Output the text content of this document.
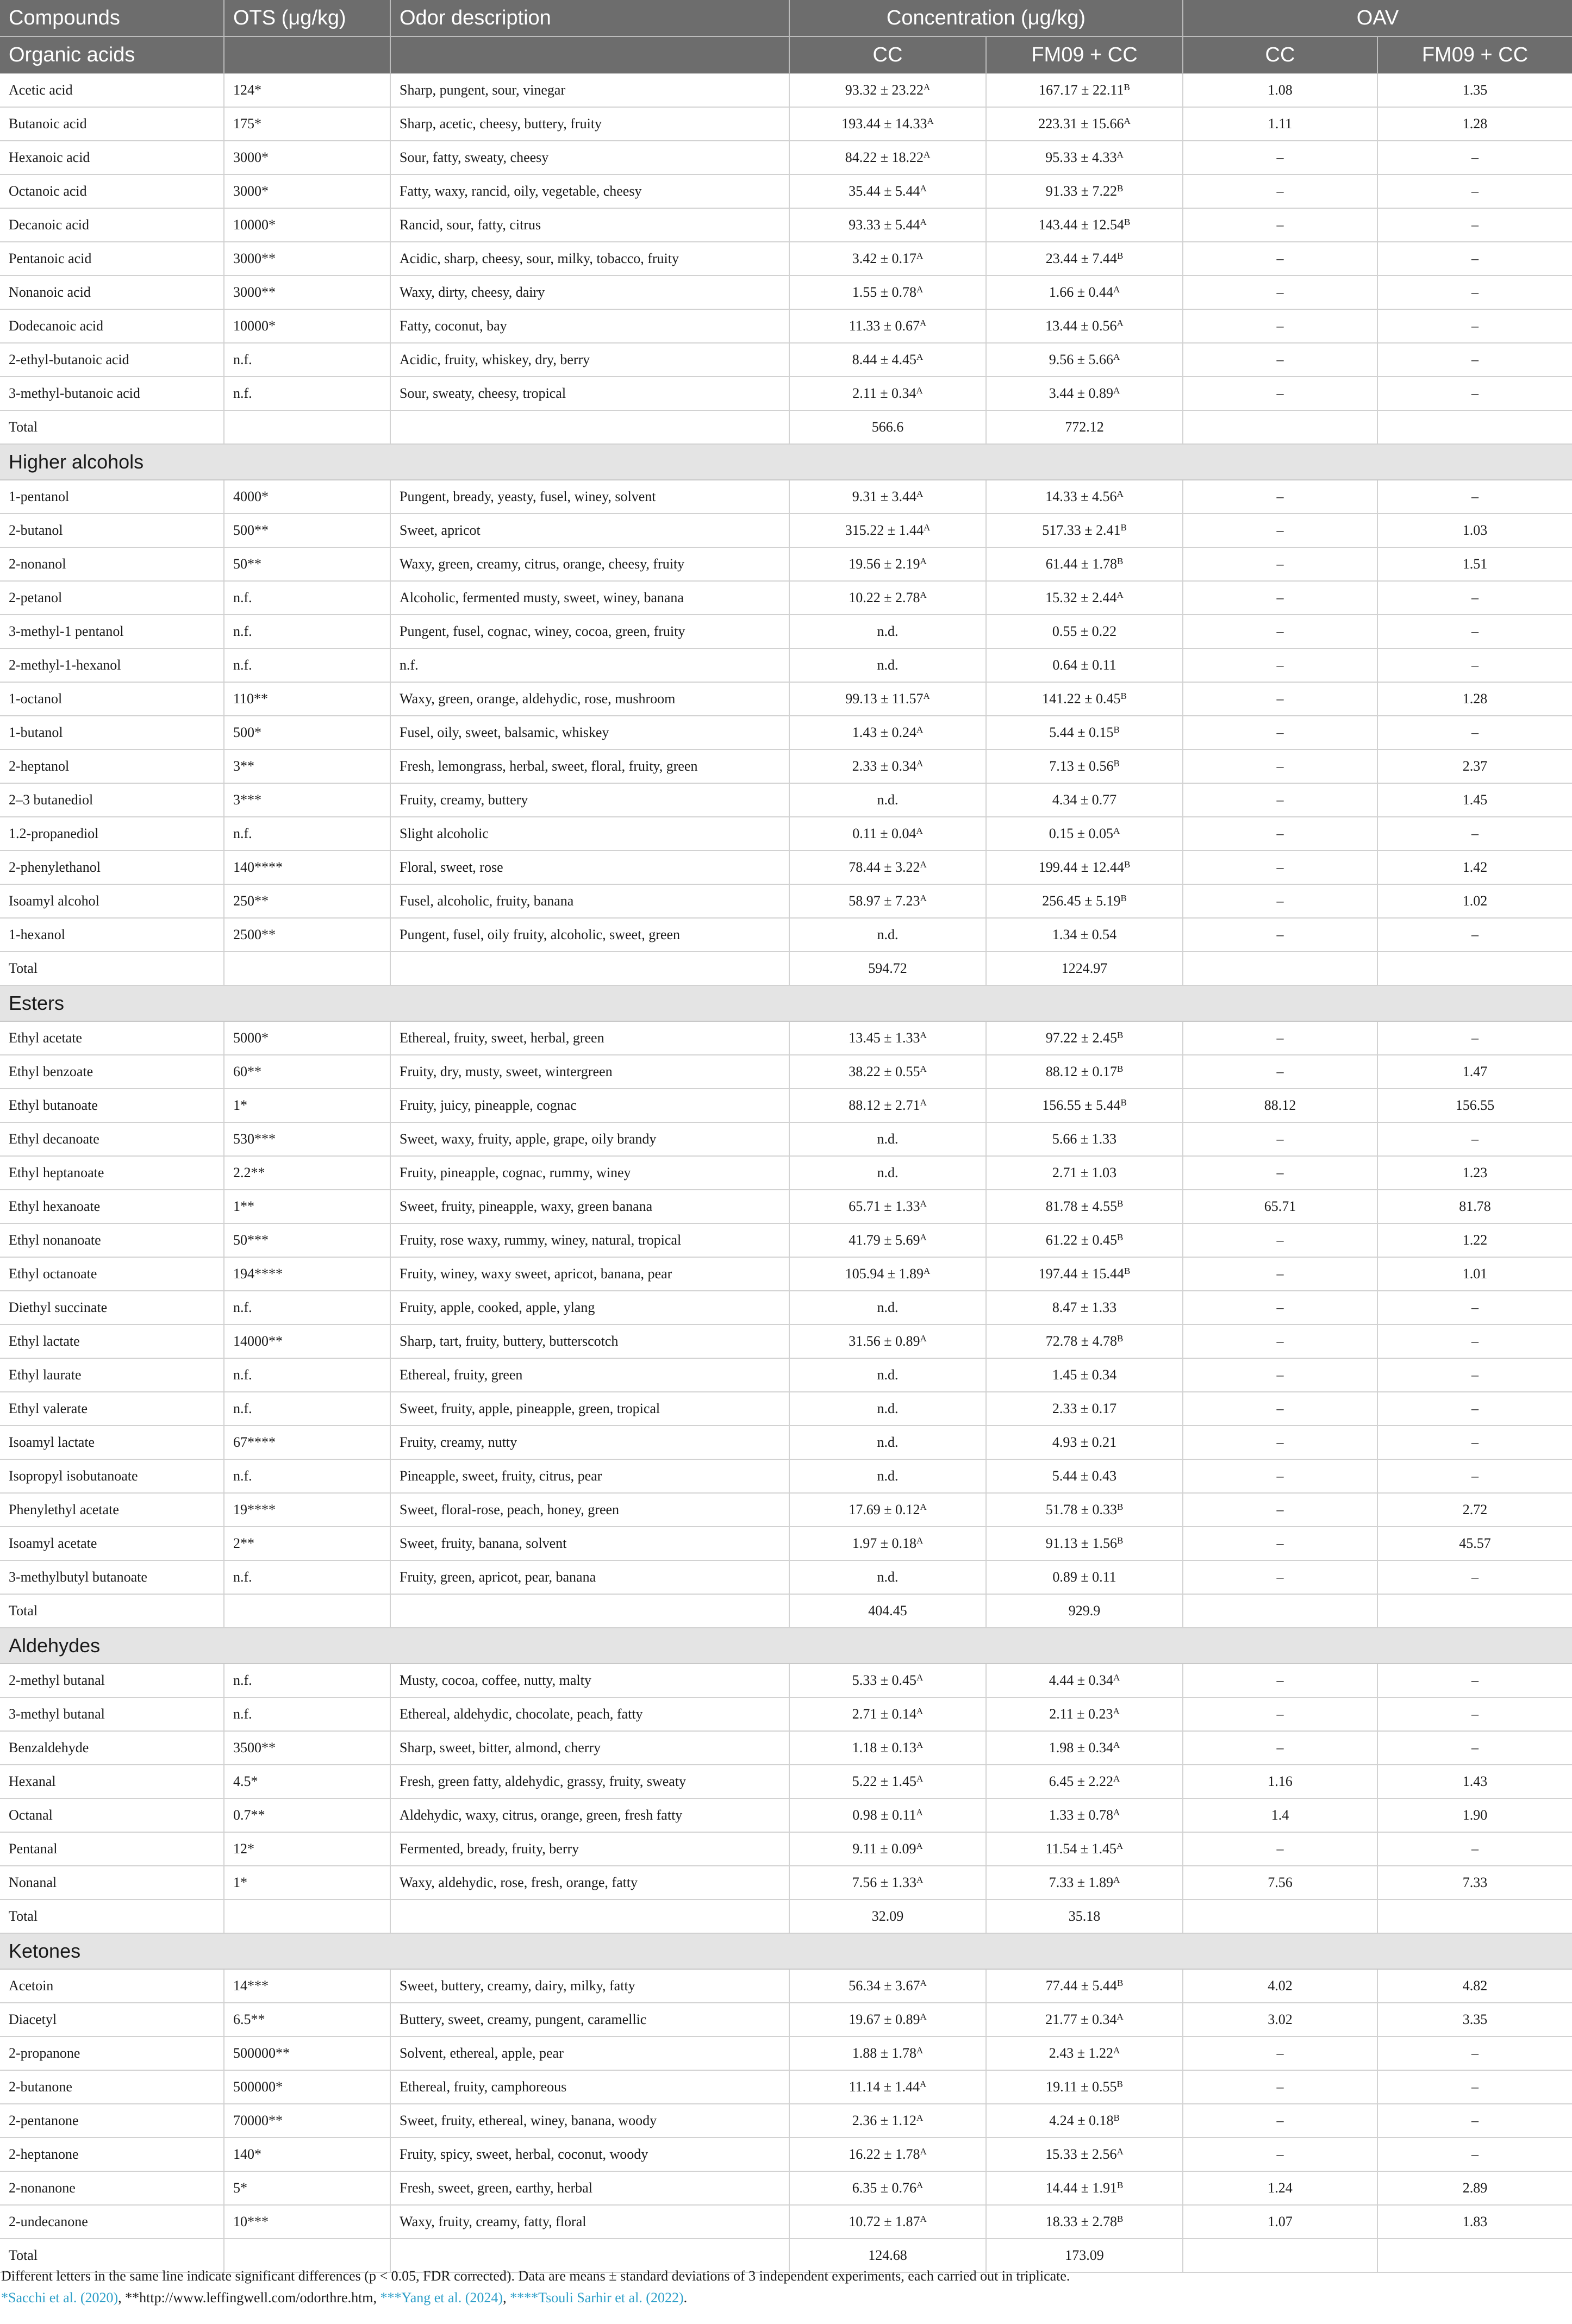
Compounds	OTS (μg/kg)	Odor description	Concentration (μg/kg)		OAV	
Organic acids			CC	FM09 + CC	CC	FM09 + CC
Acetic acid	124*	Sharp, pungent, sour, vinegar	$93.32 \pm 23.22^A$	$167.17 \pm 22.11^B$	1.08	1.35
Butanoic acid	175*	Sharp, acetic, cheesy, buttery, fruity	$193.44 \pm 14.33^A$	$223.31 \pm 15.66^A$	1.11	1.28
Hexanoic acid	3000*	Sour, fatty, sweaty, cheesy	$84.22 \pm 18.22^A$	$95.33 \pm 4.33^A$	–	–
Octanoic acid	3000*	Fatty, waxy, rancid, oily, vegetable, cheesy	$35.44 \pm 5.44^A$	$91.33 \pm 7.22^B$	–	–
Decanoic acid	10000*	Rancid, sour, fatty, citrus	$93.33 \pm 5.44^A$	$143.44 \pm 12.54^B$	–	–
Pentanoic acid	3000**	Acidic, sharp, cheesy, sour, milky, tobacco, fruity	$3.42 \pm 0.17^A$	$23.44 \pm 7.44^B$	–	–
Nonanoic acid	3000**	Waxy, dirty, cheesy, dairy	$1.55 \pm 0.78^A$	$1.66 \pm 0.44^A$	–	–
Dodecanoic acid	10000*	Fatty, coconut, bay	$11.33 \pm 0.67^A$	$13.44 \pm 0.56^A$	–	–
2-ethyl-butanoic acid	n.f.	Acidic, fruity, whiskey, dry, berry	$8.44 \pm 4.45^A$	$9.56 \pm 5.66^A$	–	–
3-methyl-butanoic acid	n.f.	Sour, sweaty, cheesy, tropical	$2.11 \pm 0.34^A$	$3.44 \pm 0.89^A$	–	–
Total			566.6	772.12		
Higher alcohols						
1-pentanol	4000*	Pungent, bready, yeasty, fusel, winey, solvent	$9.31 \pm 3.44^A$	$14.33 \pm 4.56^A$	–	–
2-butanol	500**	Sweet, apricot	$315.22 \pm 1.44^A$	$517.33 \pm 2.41^B$	–	1.03
2-nonanol	50**	Waxy, green, creamy, citrus, orange, cheesy, fruity	$19.56 \pm 2.19^A$	$61.44 \pm 1.78^B$	–	1.51
2-petanol	n.f.	Alcoholic, fermented musty, sweet, winey, banana	$10.22 \pm 2.78^A$	$15.32 \pm 2.44^A$	–	–
3-methyl-1 pentanol	n.f.	Pungent, fusel, cognac, winey, cocoa, green, fruity	n.d.	0.55 ± 0.22	–	–
2-methyl-1-hexanol	n.f.	n.f.	n.d.	0.64 ± 0.11	–	–
1-octanol	110**	Waxy, green, orange, aldehydic, rose, mushroom	$99.13 \pm 11.57^A$	$141.22 \pm 0.45^B$	–	1.28
1-butanol	500*	Fusel, oily, sweet, balsamic, whiskey	$1.43 \pm 0.24^A$	$5.44 \pm 0.15^B$	–	–
2-heptanol	3**	Fresh, lemongrass, herbal, sweet, floral, fruity, green	$2.33 \pm 0.34^A$	$7.13 \pm 0.56^B$	–	2.37
2–3 butanediol	3***	Fruity, creamy, buttery	n.d.	4.34 ± 0.77	–	1.45
1.2-propanediol	n.f.	Slight alcoholic	$0.11 \pm 0.04^A$	$0.15 \pm 0.05^A$	–	–
2-phenylethanol	140****	Floral, sweet, rose	$78.44 \pm 3.22^A$	$199.44 \pm 12.44^B$	–	1.42
Isoamyl alcohol	250**	Fusel, alcoholic, fruity, banana	$58.97 \pm 7.23^A$	$256.45 \pm 5.19^B$	–	1.02
1-hexanol	2500**	Pungent, fusel, oily fruity, alcoholic, sweet, green	n.d.	1.34 ± 0.54	–	–
Total			594.72	1224.97		
Esters						
Ethyl acetate	5000*	Ethereal, fruity, sweet, herbal, green	$13.45 \pm 1.33^A$	$97.22 \pm 2.45^B$	–	–
Ethyl benzoate	60**	Fruity, dry, musty, sweet, wintergreen	$38.22 \pm 0.55^A$	$88.12 \pm 0.17^B$	–	1.47
Ethyl butanoate	1*	Fruity, juicy, pineapple, cognac	$88.12 \pm 2.71^A$	$156.55 \pm 5.44^B$	88.12	156.55
Ethyl decanoate	530***	Sweet, waxy, fruity, apple, grape, oily brandy	n.d.	5.66 ± 1.33	–	–
Ethyl heptanoate	2.2**	Fruity, pineapple, cognac, rummy, winey	n.d.	2.71 ± 1.03	–	1.23
Ethyl hexanoate	1**	Sweet, fruity, pineapple, waxy, green banana	$65.71 \pm 1.33^A$	$81.78 \pm 4.55^B$	65.71	81.78
Ethyl nonanoate	50***	Fruity, rose waxy, rummy, winey, natural, tropical	$41.79 \pm 5.69^A$	$61.22 \pm 0.45^B$	–	1.22
Ethyl octanoate	194****	Fruity, winey, waxy sweet, apricot, banana, pear	$105.94 \pm 1.89^A$	$197.44 \pm 15.44^B$	–	1.01
Diethyl succinate	n.f.	Fruity, apple, cooked, apple, ylang	n.d.	8.47 ± 1.33	–	–
Ethyl lactate	14000**	Sharp, tart, fruity, buttery, butterscotch	$31.56 \pm 0.89^A$	$72.78 \pm 4.78^B$	–	–
Ethyl laurate	n.f.	Ethereal, fruity, green	n.d.	1.45 ± 0.34	–	–
Ethyl valerate	n.f.	Sweet, fruity, apple, pineapple, green, tropical	n.d.	2.33 ± 0.17	–	–
Isoamyl lactate	67****	Fruity, creamy, nutty	n.d.	4.93 ± 0.21	–	–
Isopropyl isobutanoate	n.f.	Pineapple, sweet, fruity, citrus, pear	n.d.	5.44 ± 0.43	–	–
Phenylethyl acetate	19****	Sweet, floral-rose, peach, honey, green	$17.69 \pm 0.12^A$	$51.78 \pm 0.33^B$	–	2.72
Isoamyl acetate	2**	Sweet, fruity, banana, solvent	$1.97 \pm 0.18^A$	$91.13 \pm 1.56^B$	–	45.57
3-methylbutyl butanoate	n.f.	Fruity, green, apricot, pear, banana	n.d.	0.89 ± 0.11	–	–
Total			404.45	929.9		
Aldehydes						
2-methyl butanal	n.f.	Musty, cocoa, coffee, nutty, malty	$5.33 \pm 0.45^A$	$4.44 \pm 0.34^A$	–	–
3-methyl butanal	n.f.	Ethereal, aldehydic, chocolate, peach, fatty	$2.71 \pm 0.14^A$	$2.11 \pm 0.23^A$	–	–
Benzaldehyde	3500**	Sharp, sweet, bitter, almond, cherry	$1.18 \pm 0.13^A$	$1.98 \pm 0.34^A$	–	–
Hexanal	4.5*	Fresh, green fatty, aldehydic, grassy, fruity, sweaty	$5.22 \pm 1.45^A$	$6.45 \pm 2.22^A$	1.16	1.43
Octanal	0.7**	Aldehydic, waxy, citrus, orange, green, fresh fatty	$0.98 \pm 0.11^A$	$1.33 \pm 0.78^A$	1.4	1.90
Pentanal	12*	Fermented, bready, fruity, berry	$9.11 \pm 0.09^A$	$11.54 \pm 1.45^A$	–	–
Nonanal	1*	Waxy, aldehydic, rose, fresh, orange, fatty	$7.56 \pm 1.33^A$	$7.33 \pm 1.89^A$	7.56	7.33
Total			32.09	35.18		
Ketones						
Acetoin	14***	Sweet, buttery, creamy, dairy, milky, fatty	$56.34 \pm 3.67^A$	$77.44 \pm 5.44^B$	4.02	4.82
Diacetyl	6.5**	Buttery, sweet, creamy, pungent, caramellic	$19.67 \pm 0.89^A$	$21.77 \pm 0.34^A$	3.02	3.35
2-propanone	500000**	Solvent, ethereal, apple, pear	$1.88 \pm 1.78^A$	$2.43 \pm 1.22^A$	–	–
2-butanone	500000*	Ethereal, fruity, camphoreous	$11.14 \pm 1.44^A$	$19.11 \pm 0.55^B$	–	–
2-pentanone	70000**	Sweet, fruity, ethereal, winey, banana, woody	$2.36 \pm 1.12^A$	$4.24 \pm 0.18^B$	–	–
2-heptanone	140*	Fruity, spicy, sweet, herbal, coconut, woody	$16.22 \pm 1.78^A$	$15.33 \pm 2.56^A$	–	–
2-nonanone	5*	Fresh, sweet, green, earthy, herbal	$6.35 \pm 0.76^A$	$14.44 \pm 1.91^B$	1.24	2.89
2-undecanone	10***	Waxy, fruity, creamy, fatty, floral	$10.72 \pm 1.87^A$	$18.33 \pm 2.78^B$	1.07	1.83
Total			124.68	173.09		

Different letters in the same line indicate significant differences (p < 0.05, FDR corrected). Data are means ± standard deviations of 3 independent experiments, each carried out in triplicate.

*Sacchi et al. (2020), **http://www.leffingwell.com/odorthre.htm, ***Yang et al. (2024), ****Tsouli Sarhir et al. (2022).
